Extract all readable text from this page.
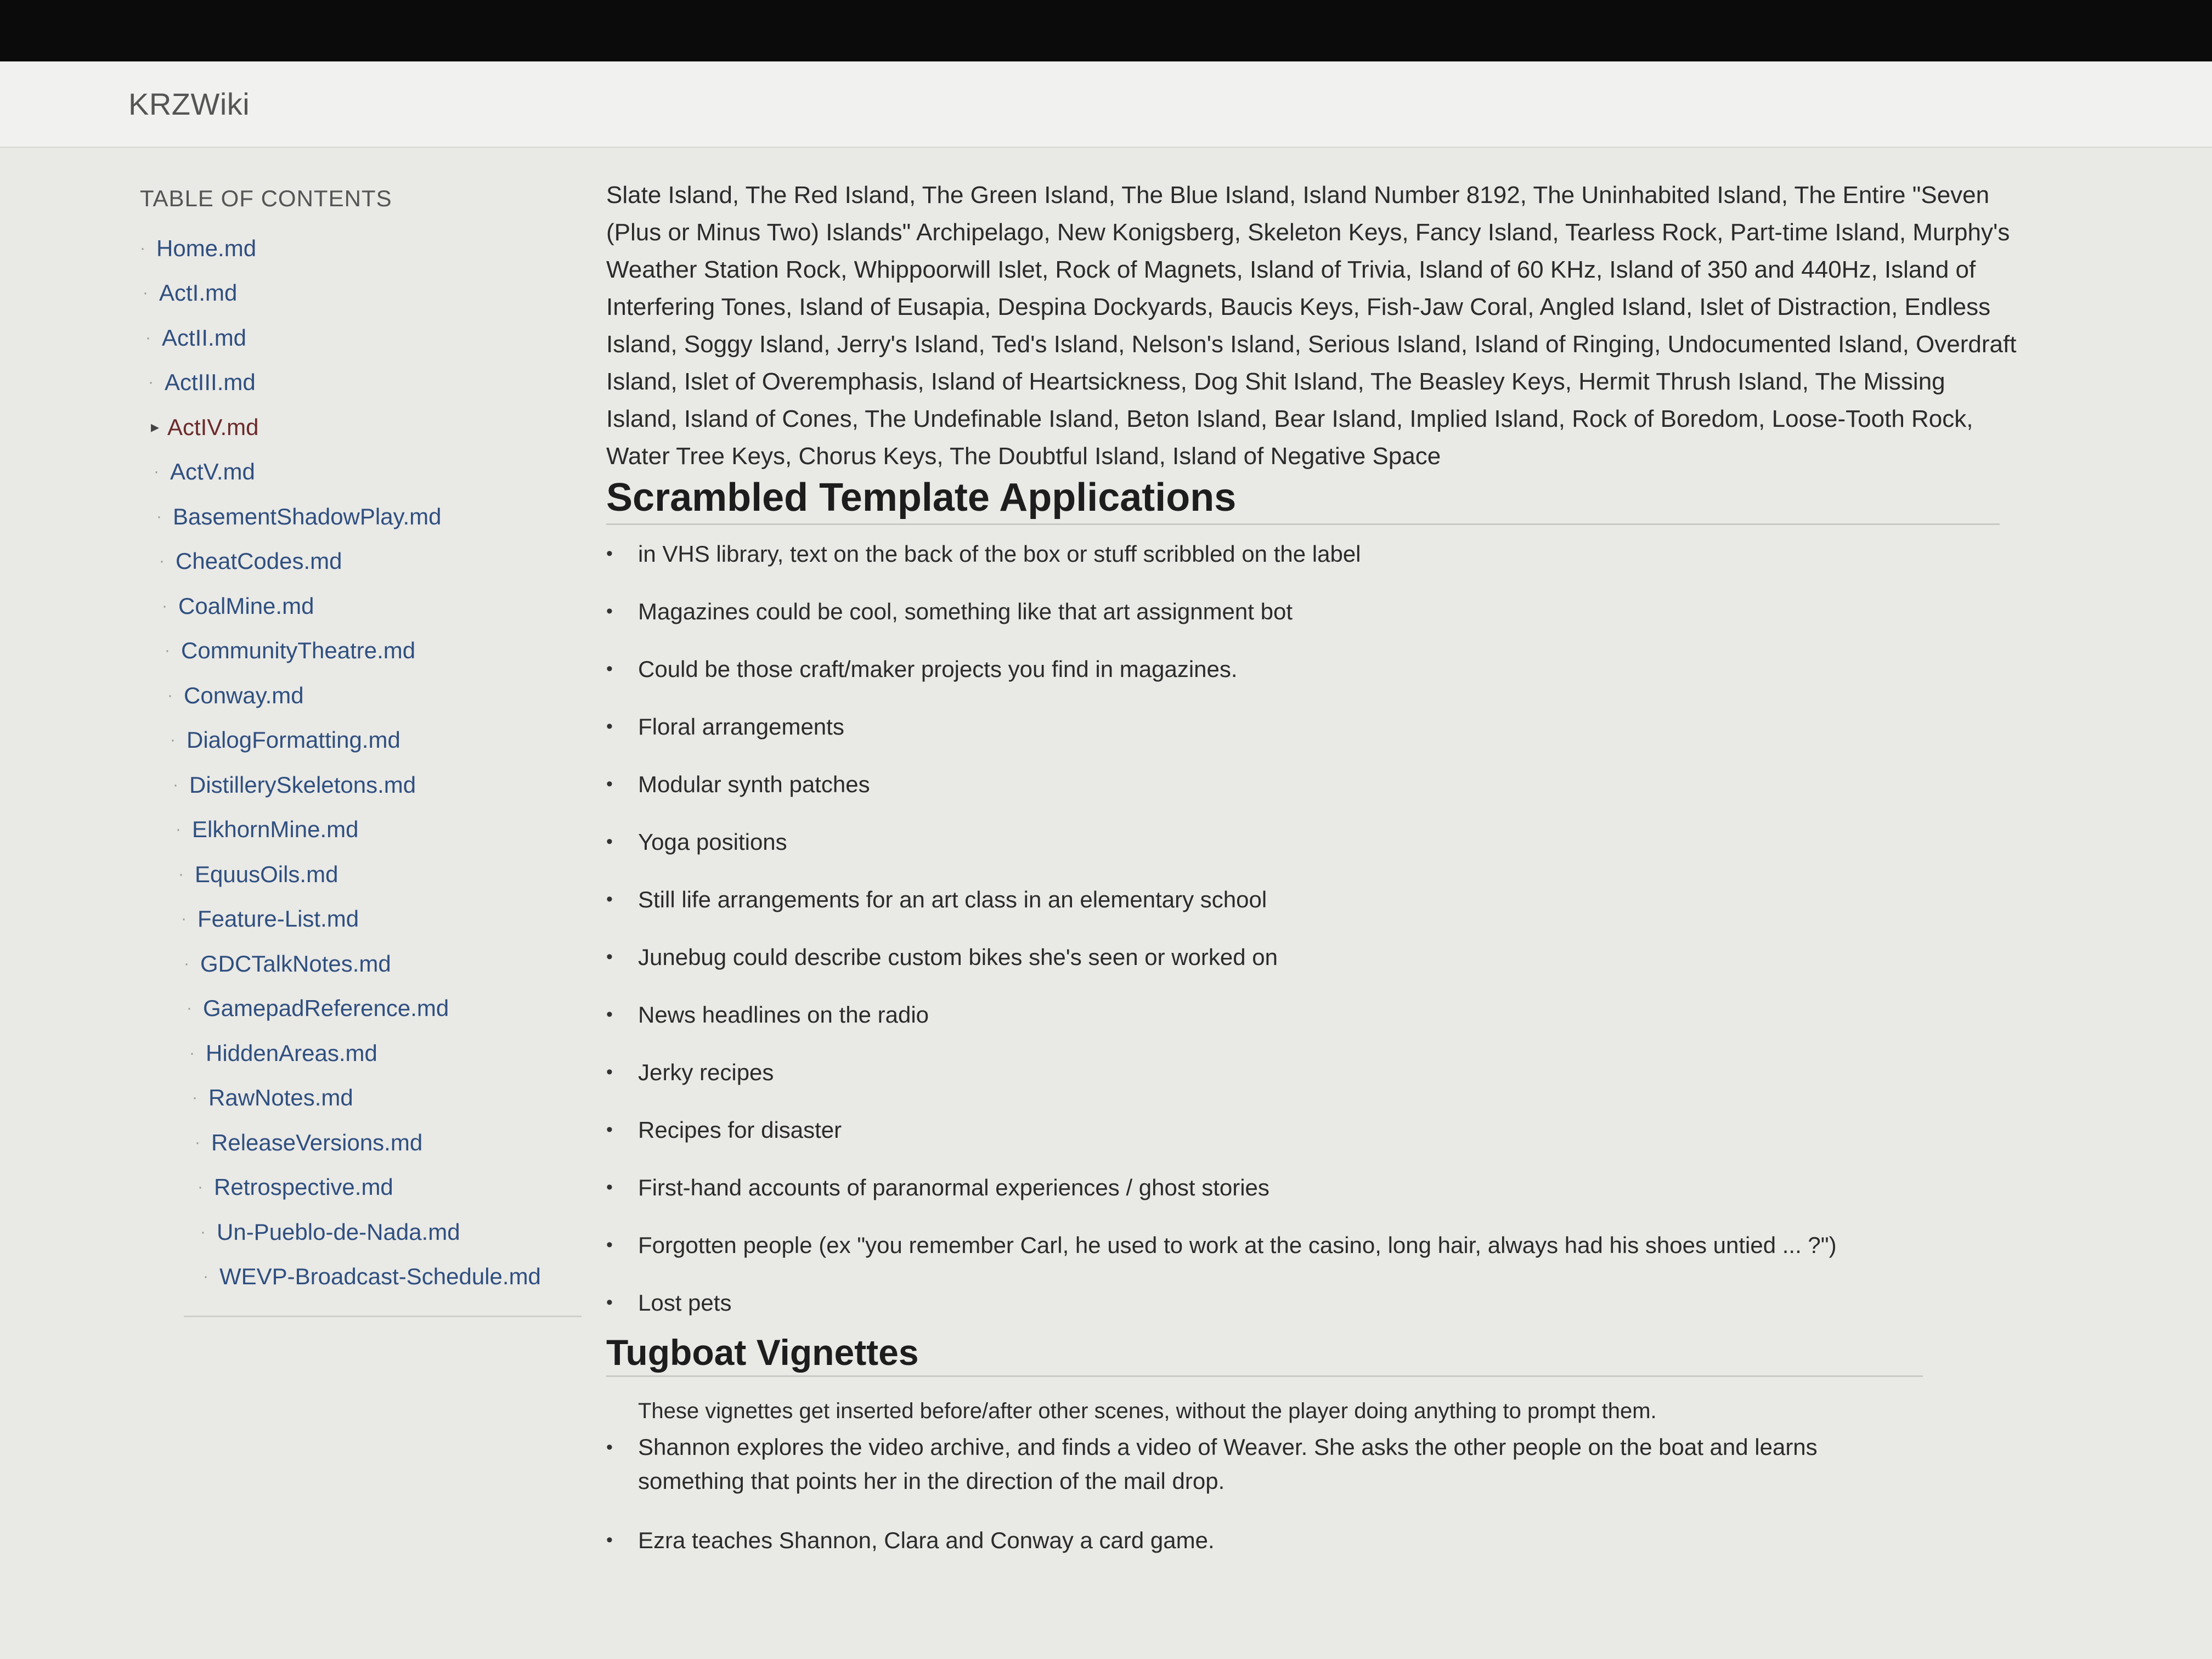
KRZWiki
TABLE OF CONTENTS
· Home.md
· ActI.md
· ActII.md
· ActIII.md
▸ ActIV.md
· ActV.md
· BasementShadowPlay.md
· CheatCodes.md
· CoalMine.md
· CommunityTheatre.md
· Conway.md
· DialogFormatting.md
· DistillerySkeletons.md
· ElkhornMine.md
· EquusOils.md
· Feature-List.md
· GDCTalkNotes.md
· GamepadReference.md
· HiddenAreas.md
· RawNotes.md
· ReleaseVersions.md
· Retrospective.md
· Un-Pueblo-de-Nada.md
· WEVP-Broadcast-Schedule.md

Slate Island, The Red Island, The Green Island, The Blue Island, Island Number 8192, The Uninhabited Island, The Entire "Seven (Plus or Minus Two) Islands" Archipelago, New Konigsberg, Skeleton Keys, Fancy Island, Tearless Rock, Part-time Island, Murphy's Weather Station Rock, Whippoorwill Islet, Rock of Magnets, Island of Trivia, Island of 60 KHz, Island of 350 and 440Hz, Island of Interfering Tones, Island of Eusapia, Despina Dockyards, Baucis Keys, Fish-Jaw Coral, Angled Island, Islet of Distraction, Endless Island, Soggy Island, Jerry's Island, Ted's Island, Nelson's Island, Serious Island, Island of Ringing, Undocumented Island, Overdraft Island, Islet of Overemphasis, Island of Heartsickness, Dog Shit Island, The Beasley Keys, Hermit Thrush Island, The Missing Island, Island of Cones, The Undefinable Island, Beton Island, Bear Island, Implied Island, Rock of Boredom, Loose-Tooth Rock, Water Tree Keys, Chorus Keys, The Doubtful Island, Island of Negative Space

Scrambled Template Applications
• in VHS library, text on the back of the box or stuff scribbled on the label
• Magazines could be cool, something like that art assignment bot
• Could be those craft/maker projects you find in magazines.
• Floral arrangements
• Modular synth patches
• Yoga positions
• Still life arrangements for an art class in an elementary school
• Junebug could describe custom bikes she's seen or worked on
• News headlines on the radio
• Jerky recipes
• Recipes for disaster
• First-hand accounts of paranormal experiences / ghost stories
• Forgotten people (ex "you remember Carl, he used to work at the casino, long hair, always had his shoes untied ... ?")
• Lost pets
Tugboat Vignettes

These vignettes get inserted before/after other scenes, without the player doing anything to prompt them.

• Shannon explores the video archive, and finds a video of Weaver. She asks the other people on the boat and learns something that points her in the direction of the mail drop.
• Ezra teaches Shannon, Clara and Conway a card game.
